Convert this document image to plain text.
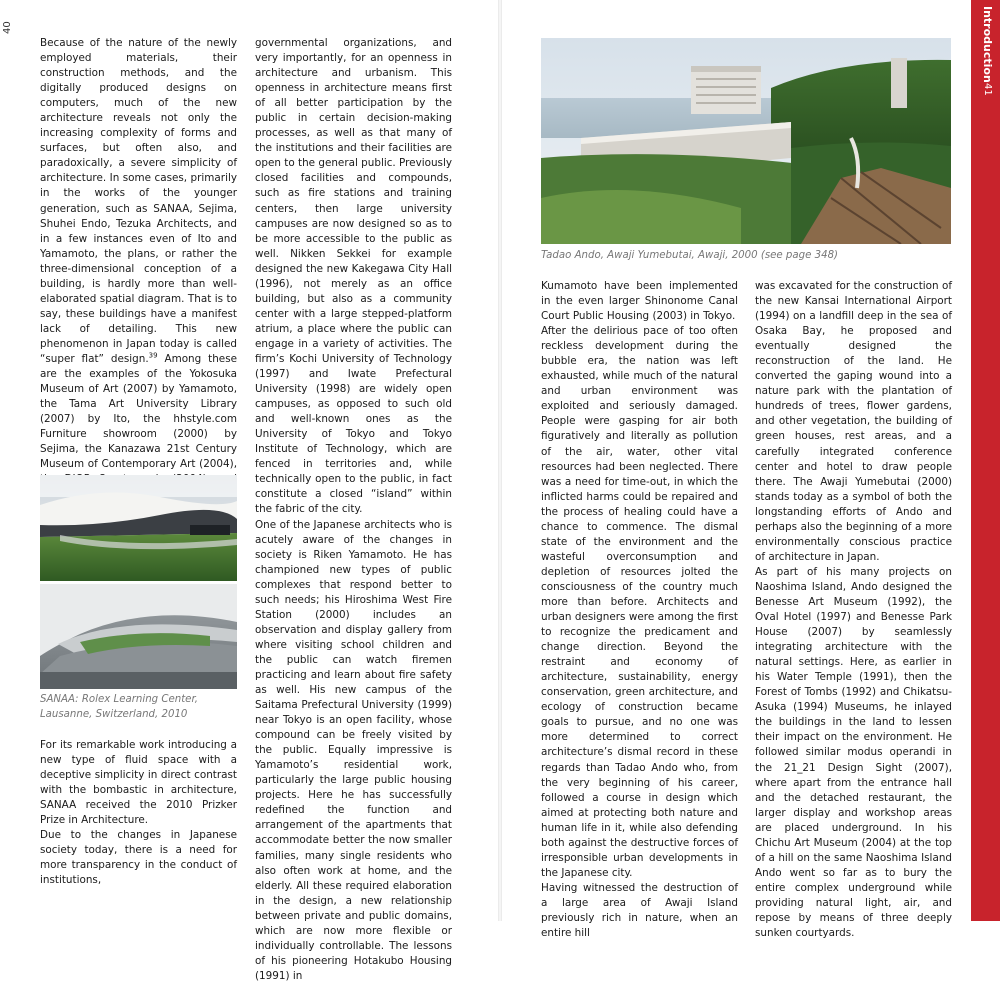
40

Because of the nature of the newly employed materials, their construction methods, and the digitally produced designs on computers, much of the new architecture reveals not only the increasing complexity of forms and surfaces, but often also, and paradoxically, a severe simplicity of architecture. In some cases, primarily in the works of the younger generation, such as SANAA, Sejima, Shuhei Endo, Tezuka Architects, and in a few instances even of Ito and Yamamoto, the plans, or rather the three-dimensional conception of a building, is hardly more than well-elaborated spatial diagram. That is to say, these buildings have a manifest lack of detailing. This new phenomenon in Japan today is called “super flat” design.$^{39}$ Among these are the examples of the Yokosuka Museum of Art (2007) by Yamamoto, the Tama Art University Library (2007) by Ito, the hhstyle.com Furniture showroom (2000) by Sejima, the Kanazawa 21st Century Museum of Contemporary Art (2004),

SANAA: Rolex Learning Center,
Lausanne, Switzerland, 2010

For its remarkable work introducing a new type of fluid space with a deceptive simplicity in direct contrast with the bombastic in architecture, SANAA received the 2010 Prizker Prize in Architecture.

Due to the changes in Japanese society today, there is a need for more transparency in the conduct of institutions,

governmental organizations, and very importantly, for an openness in architecture and urbanism. This openness in architecture means first of all better participation by the public in certain decision-making processes, as well as that many of the institutions and their facilities are open to the general public. Previously closed facilities and compounds, such as fire stations and training centers, then large university campuses are now designed so as to be more accessible to the public as well. Nikken Sekkei for example designed the new Kakegawa City Hall (1996), not merely as an office building, but also as a community center with a large stepped-platform atrium, a place where the public can engage in a variety of activities. The firm’s Kochi University of Technology (1997) and Iwate Prefectural University (1998) are widely open campuses, as opposed to such old and well-known ones as the University of Tokyo and Tokyo Institute of Technology, which are fenced in territories and, while technically open to the public, in fact constitute a closed “island” within the fabric of the city.

One of the Japanese architects who is acutely aware of the changes in society is Riken Yamamoto. He has championed new types of public complexes that respond better to such needs; his Hiroshima West Fire Station (2000) includes an observation and display gallery from where visiting school children and the public can watch firemen practicing and learn about fire safety as well. His new campus of the Saitama Prefectural University (1999) near Tokyo is an open facility, whose compound can be freely visited by the public. Equally impressive is Yamamoto’s residential work, particularly the large public housing projects. Here he has successfully redefined the function and arrangement of the apartments that accommodate better the now smaller families, many single residents who also often work at home, and the elderly. All these required elaboration in the design, a new relationship between private and public domains, which are now more flexible or individually controllable. The lessons of his pioneering Hotakubo Housing (1991) in

Tadao Ando, Awaji Yumebutai, Awaji, 2000 (see page 348)

Kumamoto have been implemented in the even larger Shinonome Canal Court Public Housing (2003) in Tokyo.

After the delirious pace of too often reckless development during the bubble era, the nation was left exhausted, while much of the natural and urban environment was exploited and seriously damaged. People were gasping for air both figuratively and literally as pollution of the air, water, other vital resources had been neglected. There was a need for time-out, in which the inflicted harms could be repaired and the process of healing could have a chance to commence. The dismal state of the environment and the wasteful overconsumption and depletion of resources jolted the consciousness of the country much more than before. Architects and urban designers were among the first to recognize the predicament and change direction. Beyond the restraint and economy of architecture, sustainability, energy conservation, green architecture, and ecology of construction became goals to pursue, and no one was more determined to correct architecture’s dismal record in these regards than Tadao Ando who, from the very beginning of his career, followed a course in design which aimed at protecting both nature and human life in it, while also defending both against the destructive forces of irresponsible urban developments in the Japanese city.

Having witnessed the destruction of a large area of Awaji Island previously rich in nature, when an entire hill

was excavated for the construction of the new Kansai International Airport (1994) on a landfill deep in the sea of Osaka Bay, he proposed and eventually designed the reconstruction of the land. He converted the gaping wound into a nature park with the plantation of hundreds of trees, flower gardens, and other vegetation, the building of green houses, rest areas, and a carefully integrated conference center and hotel to draw people there. The Awaji Yumebutai (2000) stands today as a symbol of both the longstanding efforts of Ando and perhaps also the beginning of a more environmentally conscious practice of architecture in Japan.

As part of his many projects on Naoshima Island, Ando designed the Benesse Art Museum (1992), the Oval Hotel (1997) and Benesse Park House (2007) by seamlessly integrating architecture with the natural settings. Here, as earlier in his Water Temple (1991), then the Forest of Tombs (1992) and Chikatsu-Asuka (1994) Museums, he inlayed the buildings in the land to lessen their impact on the environment. He followed similar modus operandi in the 21_21 Design Sight (2007), where apart from the entrance hall and the detached restaurant, the larger display and workshop areas are placed underground. In his Chichu Art Museum (2004) at the top of a hill on the same Naoshima Island Ando went so far as to bury the entire complex underground while providing natural light, air, and repose by means of three deeply sunken courtyards.

Introduction41
